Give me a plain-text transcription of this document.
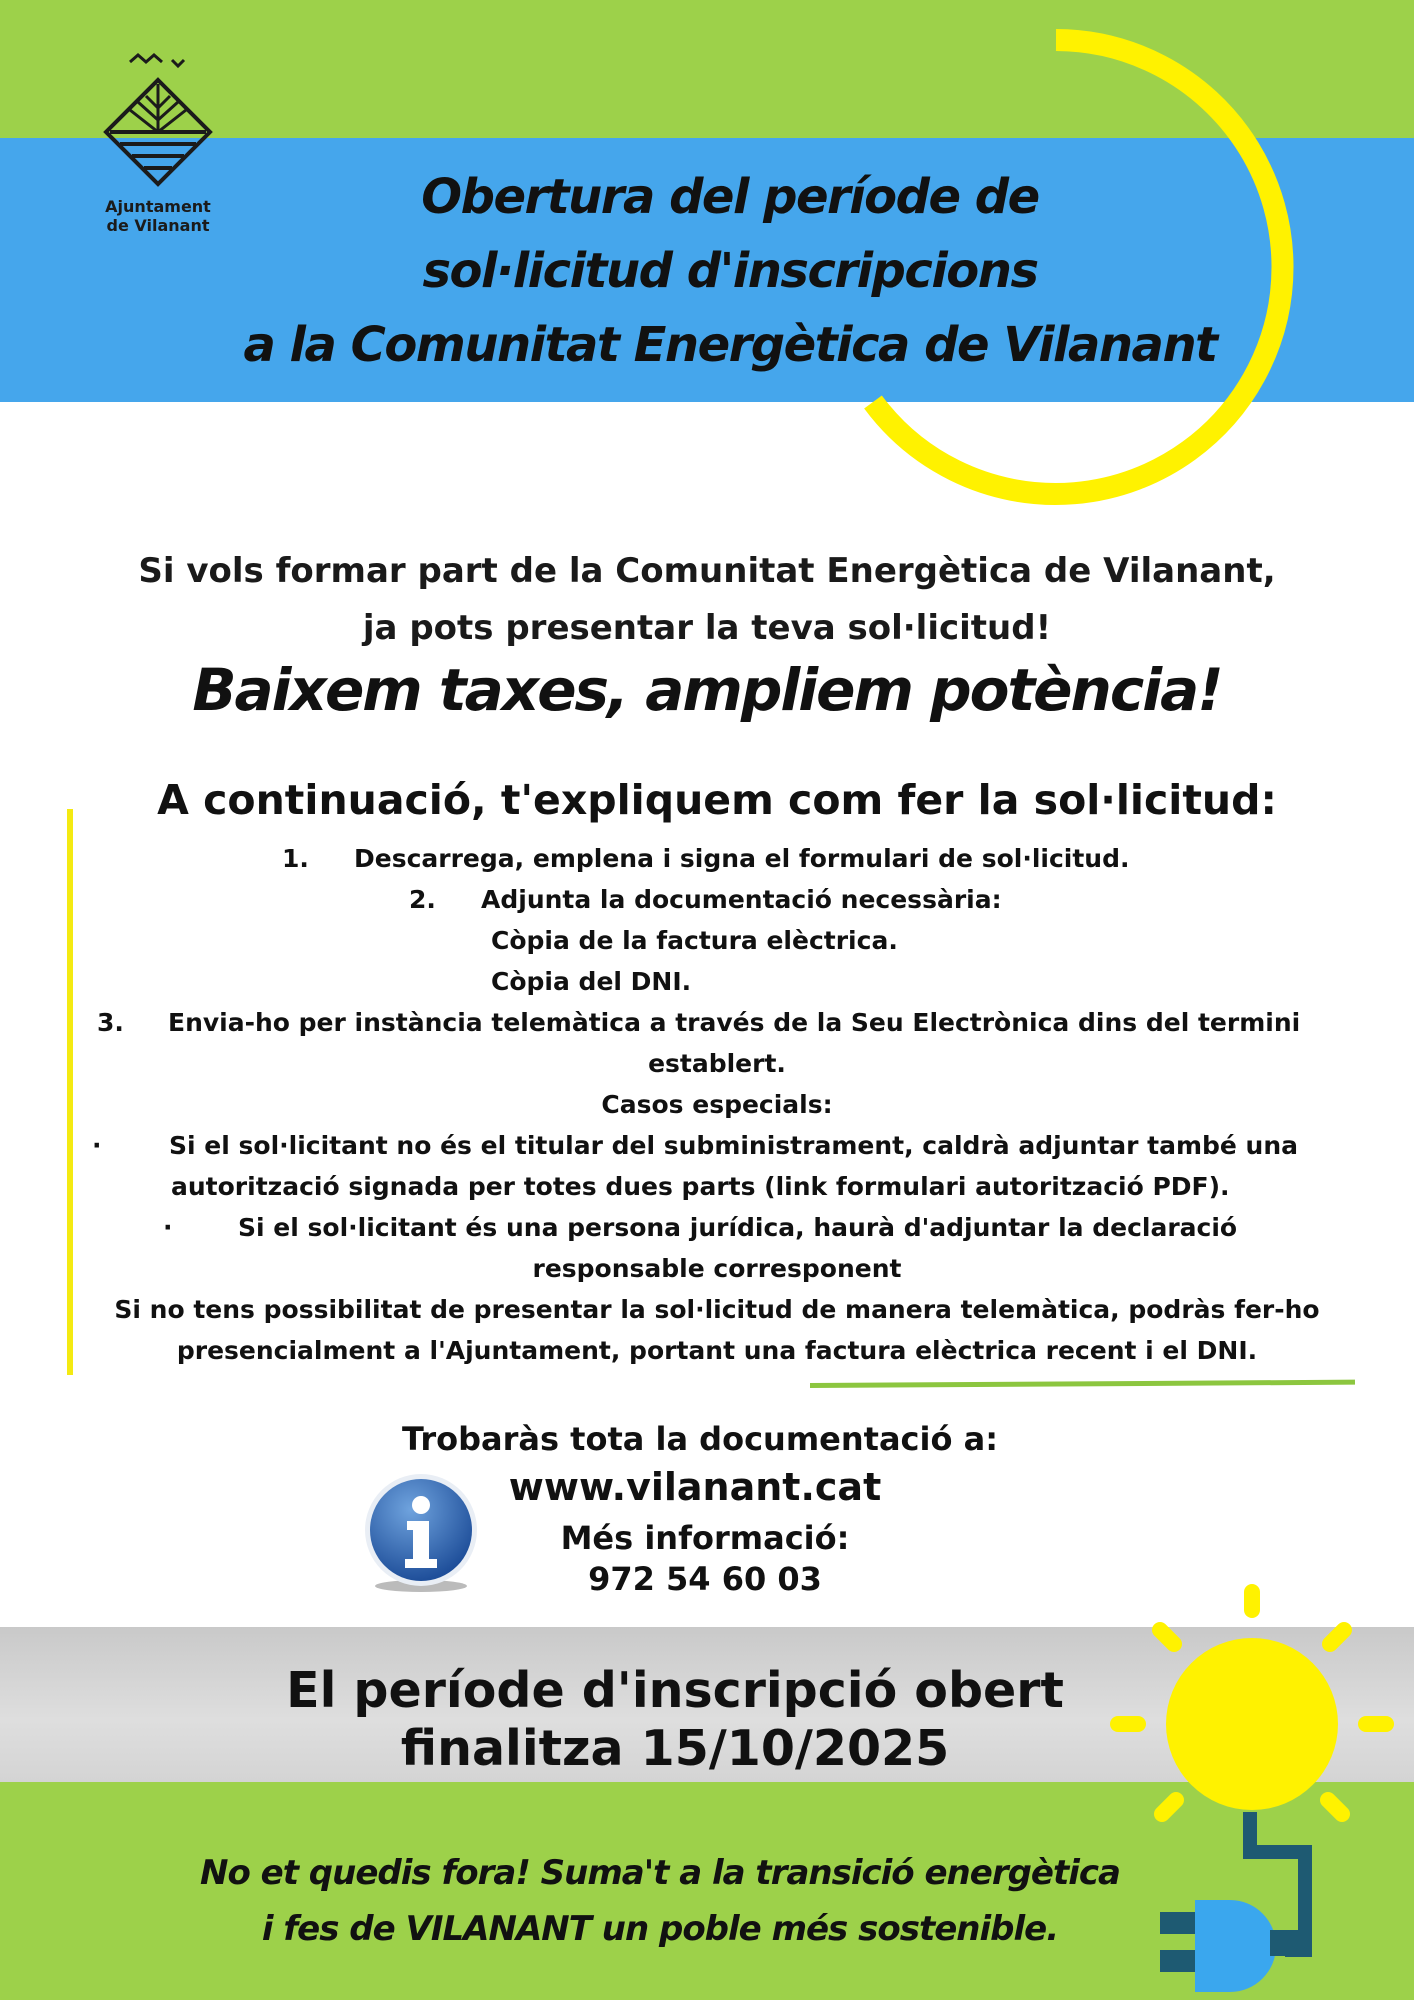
Ajuntament
de Vilanant
Obertura del període de
sol·licitud d'inscripcions
a la Comunitat Energètica de Vilanant
Si vols formar part de la Comunitat Energètica de Vilanant,
ja pots presentar la teva sol·licitud!
Baixem taxes, ampliem potència!
A continuació, t'expliquem com fer la sol·licitud:
1. Descarrega, emplena i signa el formulari de sol·licitud.
2. Adjunta la documentació necessària:
Còpia de la factura elèctrica.
Còpia del DNI.
3. Envia-ho per instància telemàtica a través de la Seu Electrònica dins del termini
establert.
Casos especials:
·	Si el sol·licitant no és el titular del subministrament, caldrà adjuntar també una
autorització signada per totes dues parts (link formulari autorització PDF).
·	Si el sol·licitant és una persona jurídica, haurà d'adjuntar la declaració
responsable corresponent
Si no tens possibilitat de presentar la sol·licitud de manera telemàtica, podràs fer-ho
presencialment a l'Ajuntament, portant una factura elèctrica recent i el DNI.
Trobaràs tota la documentació a:
www.vilanant.cat
Més informació:
972 54 60 03
El període d'inscripció obert
finalitza 15/10/2025
No et quedis fora! Suma't a la transició energètica
i fes de VILANANT un poble més sostenible.
